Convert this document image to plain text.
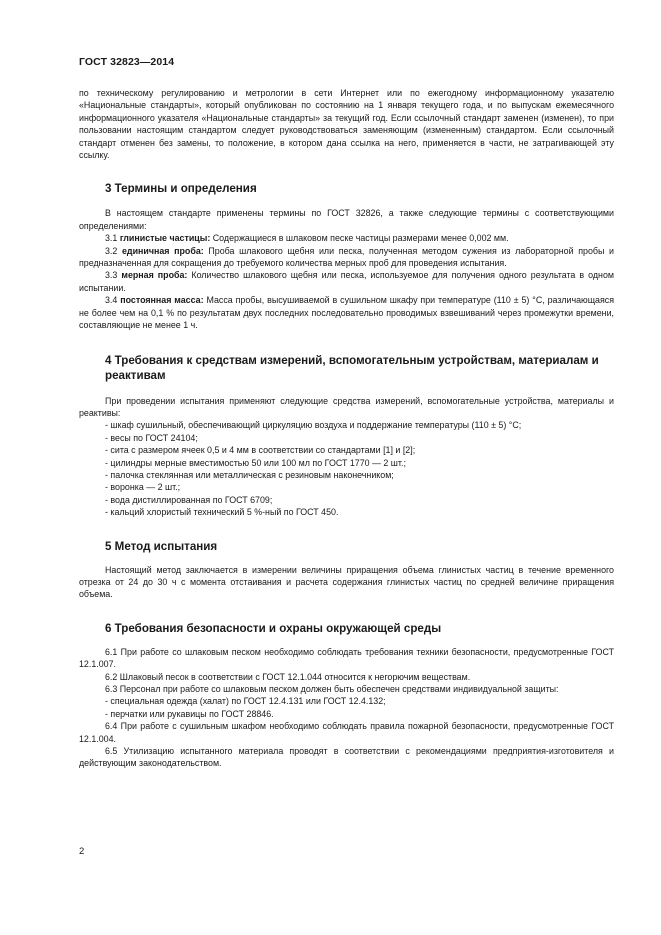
ГОСТ 32823—2014

по техническому регулированию и метрологии в сети Интернет или по ежегодному информационному указателю «Национальные стандарты», который опубликован по состоянию на 1 января текущего года, и по выпускам ежемесячного информационного указателя «Национальные стандарты» за текущий год. Если ссылочный стандарт заменен (изменен), то при пользовании настоящим стандартом следует руководствоваться заменяющим (измененным) стандартом. Если ссылочный стандарт отменен без замены, то положение, в котором дана ссылка на него, применяется в части, не затрагивающей эту ссылку.

3 Термины и определения

В настоящем стандарте применены термины по ГОСТ 32826, а также следующие термины с соответствующими определениями:

3.1 глинистые частицы: Содержащиеся в шлаковом песке частицы размерами менее 0,002 мм.

3.2 единичная проба: Проба шлакового щебня или песка, полученная методом сужения из лабораторной пробы и предназначенная для сокращения до требуемого количества мерных проб для проведения испытания.

3.3 мерная проба: Количество шлакового щебня или песка, используемое для получения одного результата в одном испытании.

3.4 постоянная масса: Масса пробы, высушиваемой в сушильном шкафу при температуре (110 ± 5) °С, различающаяся не более чем на 0,1 % по результатам двух последних последовательно проводимых взвешиваний через промежутки времени, составляющие не менее 1 ч.

4 Требования к средствам измерений, вспомогательным устройствам, материалам и реактивам

При проведении испытания применяют следующие средства измерений, вспомогательные устройства, материалы и реактивы:

- шкаф сушильный, обеспечивающий циркуляцию воздуха и поддержание температуры (110 ± 5) °С;

- весы по ГОСТ 24104;

- сита с размером ячеек 0,5 и 4 мм в соответствии со стандартами [1] и [2];

- цилиндры мерные вместимостью 50 или 100 мл по ГОСТ 1770 — 2 шт.;

- палочка стеклянная или металлическая с резиновым наконечником;

- воронка — 2 шт.;

- вода дистиллированная по ГОСТ 6709;

- кальций хлористый технический 5 %-ный по ГОСТ 450.

5 Метод испытания

Настоящий метод заключается в измерении величины приращения объема глинистых частиц в течение временного отрезка от 24 до 30 ч с момента отстаивания и расчета содержания глинистых частиц по средней величине приращения объема.

6 Требования безопасности и охраны окружающей среды

6.1 При работе со шлаковым песком необходимо соблюдать требования техники безопасности, предусмотренные ГОСТ 12.1.007.

6.2 Шлаковый песок в соответствии с ГОСТ 12.1.044 относится к негорючим веществам.

6.3 Персонал при работе со шлаковым песком должен быть обеспечен средствами индивидуальной защиты:

- специальная одежда (халат) по ГОСТ 12.4.131 или ГОСТ 12.4.132;

- перчатки или рукавицы по ГОСТ 28846.

6.4 При работе с сушильным шкафом необходимо соблюдать правила пожарной безопасности, предусмотренные ГОСТ 12.1.004.

6.5 Утилизацию испытанного материала проводят в соответствии с рекомендациями предприятия-изготовителя и действующим законодательством.

2
